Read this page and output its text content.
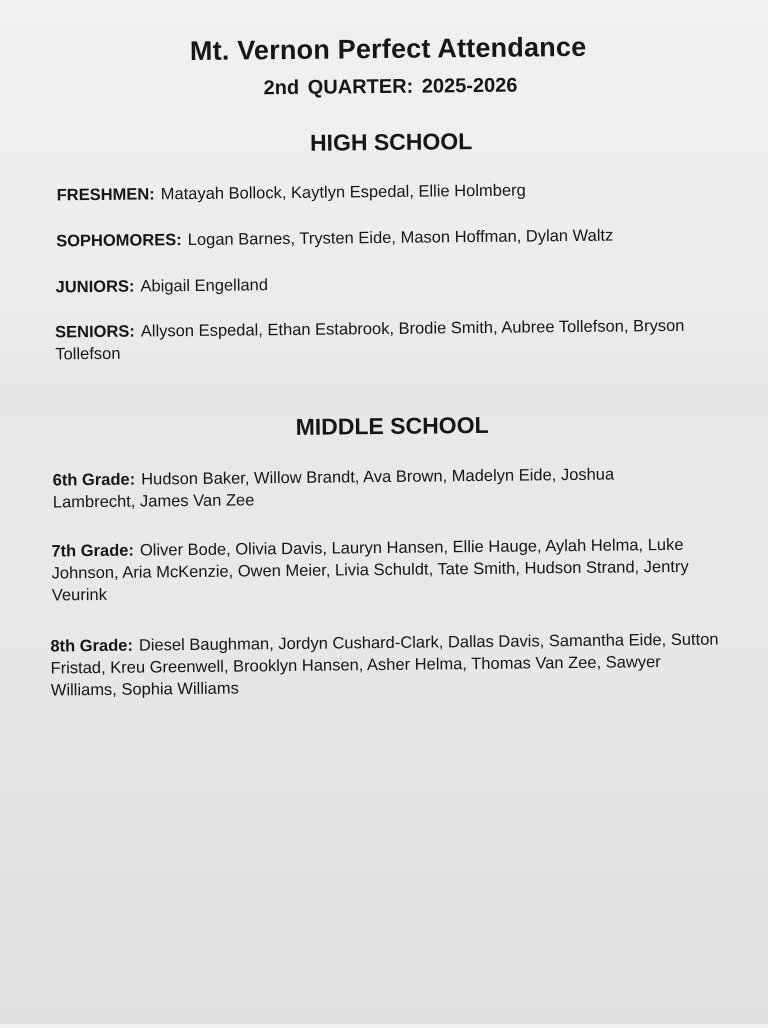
Mt. Vernon Perfect Attendance
2nd QUARTER: 2025-2026
HIGH SCHOOL
FRESHMEN: Matayah Bollock, Kaytlyn Espedal, Ellie Holmberg
SOPHOMORES: Logan Barnes, Trysten Eide, Mason Hoffman, Dylan Waltz
JUNIORS: Abigail Engelland
SENIORS: Allyson Espedal, Ethan Estabrook, Brodie Smith, Aubree Tollefson, Bryson Tollefson
MIDDLE SCHOOL
6th Grade: Hudson Baker, Willow Brandt, Ava Brown, Madelyn Eide, Joshua Lambrecht, James Van Zee
7th Grade: Oliver Bode, Olivia Davis, Lauryn Hansen, Ellie Hauge, Aylah Helma, Luke Johnson, Aria McKenzie, Owen Meier, Livia Schuldt, Tate Smith, Hudson Strand, Jentry Veurink
8th Grade: Diesel Baughman, Jordyn Cushard-Clark, Dallas Davis, Samantha Eide, Sutton Fristad, Kreu Greenwell, Brooklyn Hansen, Asher Helma, Thomas Van Zee, Sawyer Williams, Sophia Williams
